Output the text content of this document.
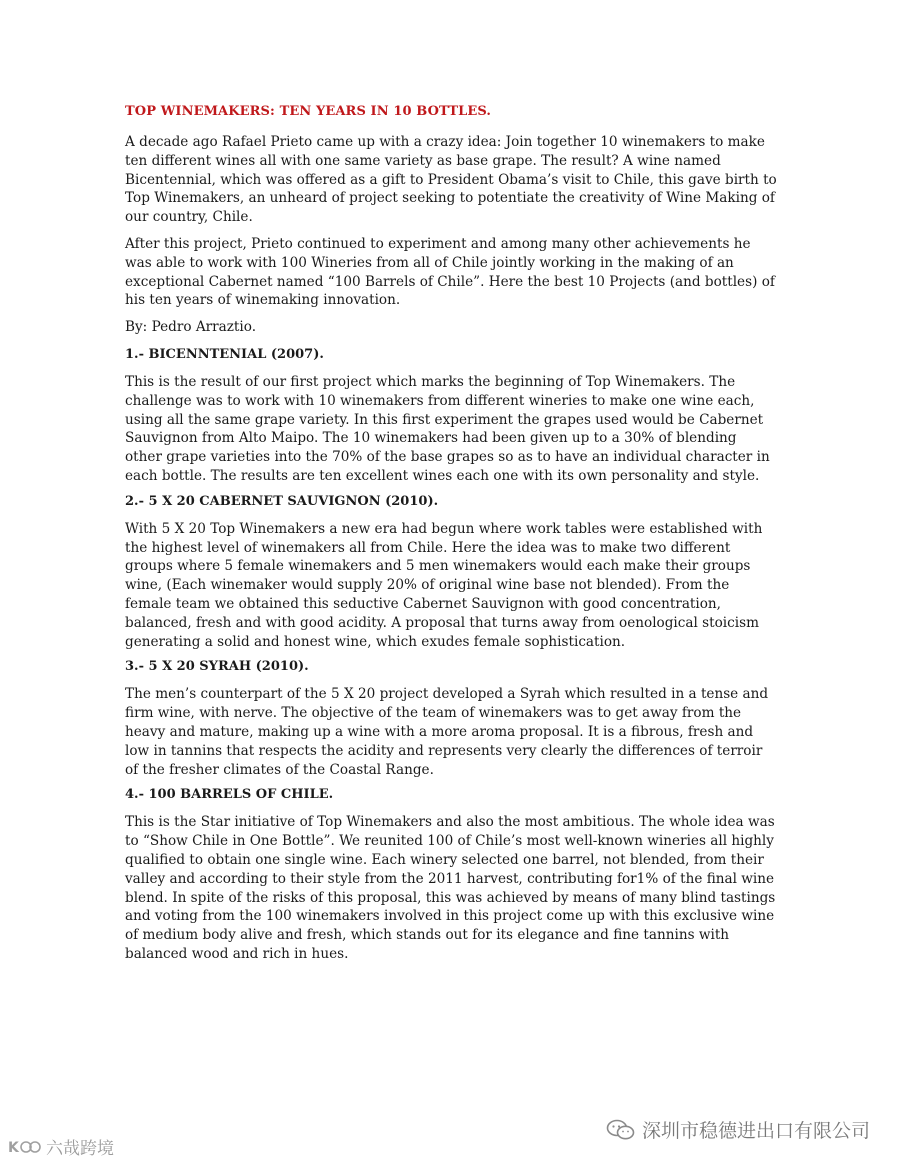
TOP WINEMAKERS: TEN YEARS IN 10 BOTTLES.

A decade ago Rafael Prieto came up with a crazy idea: Join together 10 winemakers to make ten different wines all with one same variety as base grape. The result? A wine named Bicentennial, which was offered as a gift to President Obama’s visit to Chile, this gave birth to Top Winemakers, an unheard of project seeking to potentiate the creativity of Wine Making of our country, Chile.

After this project, Prieto continued to experiment and among many other achievements he was able to work with 100 Wineries from all of Chile jointly working in the making of an exceptional Cabernet named “100 Barrels of Chile”. Here the best 10 Projects (and bottles) of his ten years of winemaking innovation.

By: Pedro Arraztio.

1.- BICENNTENIAL (2007).

This is the result of our first project which marks the beginning of Top Winemakers. The challenge was to work with 10 winemakers from different wineries to make one wine each, using all the same grape variety. In this first experiment the grapes used would be Cabernet Sauvignon from Alto Maipo. The 10 winemakers had been given up to a 30% of blending other grape varieties into the 70% of the base grapes so as to have an individual character in each bottle. The results are ten excellent wines each one with its own personality and style.

2.- 5 X 20 CABERNET SAUVIGNON (2010).

With 5 X 20 Top Winemakers a new era had begun where work tables were established with the highest level of winemakers all from Chile. Here the idea was to make two different groups where 5 female winemakers and 5 men winemakers would each make their groups wine, (Each winemaker would supply 20% of original wine base not blended). From the female team we obtained this seductive Cabernet Sauvignon with good concentration, balanced, fresh and with good acidity. A proposal that turns away from oenological stoicism generating a solid and honest wine, which exudes female sophistication.

3.- 5 X 20 SYRAH (2010).

The men’s counterpart of the 5 X 20 project developed a Syrah which resulted in a tense and firm wine, with nerve. The objective of the team of winemakers was to get away from the heavy and mature, making up a wine with a more aroma proposal. It is a fibrous, fresh and low in tannins that respects the acidity and represents very clearly the differences of terroir of the fresher climates of the Coastal Range.

4.- 100 BARRELS OF CHILE.

This is the Star initiative of Top Winemakers and also the most ambitious. The whole idea was to “Show Chile in One Bottle”. We reunited 100 of Chile’s most well-known wineries all highly qualified to obtain one single wine. Each winery selected one barrel, not blended, from their valley and according to their style from the 2011 harvest, contributing for1% of the final wine blend. In spite of the risks of this proposal, this was achieved by means of many blind tastings and voting from the 100 winemakers involved in this project come up with this exclusive wine of medium body alive and fresh, which stands out for its elegance and fine tannins with balanced wood and rich in hues.

深圳市稳德进出口有限公司
K 六哉跨境
